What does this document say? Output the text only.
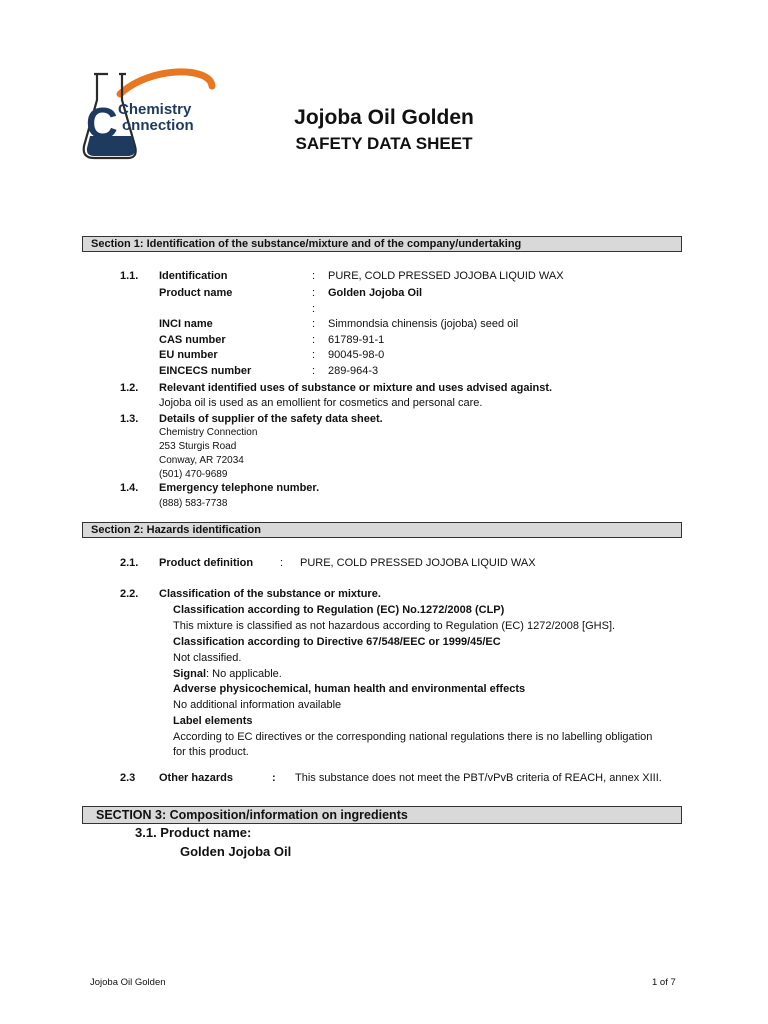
C Chemistry
onnection	Jojoba Oil Golden
SAFETY DATA SHEET
Section 1: Identification of the substance/mixture and of the company/undertaking
1.1. Identification	: PURE, COLD PRESSED JOJOBA LIQUID WAX
Product name	: Golden Jojoba Oil
:
INCI name	: Simmondsia chinensis (jojoba) seed oil
CAS number	: 61789-91-1
EU number	: 90045-98-0
EINCECS number	: 289-964-3
1.2. Relevant identified uses of substance or mixture and uses advised against.
Jojoba oil is used as an emollient for cosmetics and personal care.
1.3. Details of supplier of the safety data sheet.
Chemistry Connection
253 Sturgis Road
Conway, AR 72034
(501) 470-9689
1.4. Emergency telephone number.
(888) 583-7738
Section 2: Hazards identification
2.1. Product definition : PURE, COLD PRESSED JOJOBA LIQUID WAX
2.2. Classification of the substance or mixture.
Classification according to Regulation (EC) No.1272/2008 (CLP)
This mixture is classified as not hazardous according to Regulation (EC) 1272/2008 [GHS].
Classification according to Directive 67/548/EEC or 1999/45/EC
Not classified.
Signal: No applicable.
Adverse physicochemical, human health and environmental effects
No additional information available
Label elements
According to EC directives or the corresponding national regulations there is no labelling obligation
for this product.
2.3 Other hazards	: This substance does not meet the PBT/vPvB criteria of REACH, annex XIII.
SECTION 3: Composition/information on ingredients
3.1. Product name:
Golden Jojoba Oil
Jojoba Oil Golden	1 of 7
